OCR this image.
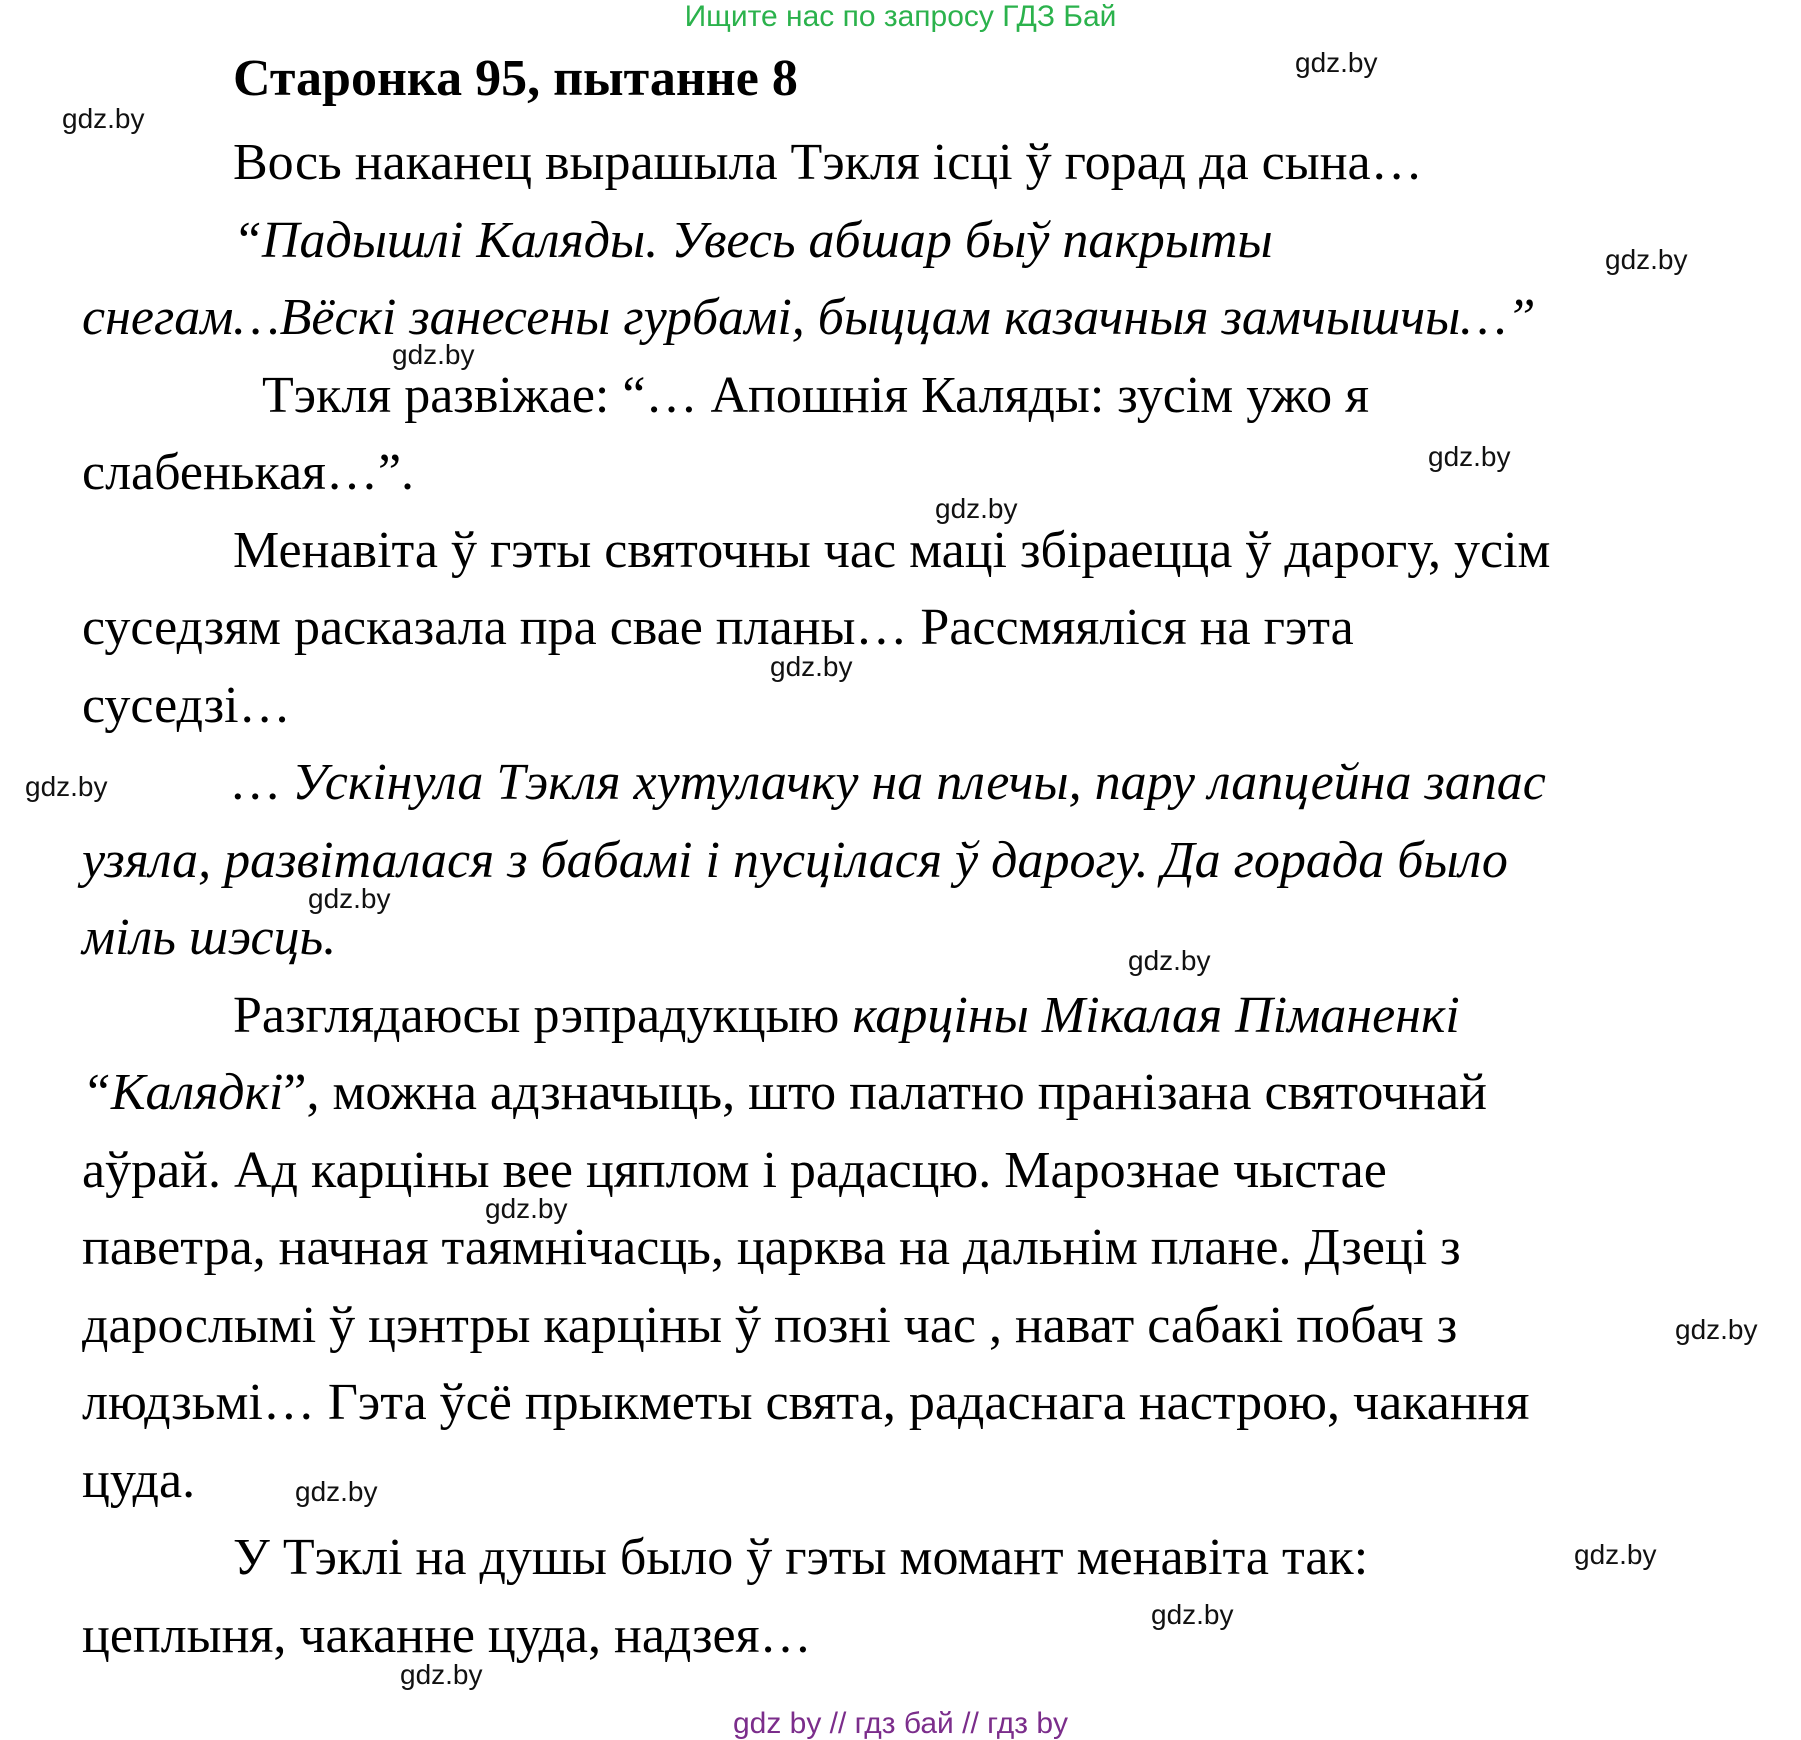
Ищите нас по запросу ГДЗ Бай
Старонка 95, пытанне 8

Вось наканец вырашыла Тэкля ісці ў горад да сына…

“Падышлі Каляды. Увесь абшар быў пакрыты

снегам…Вёскі занесены гурбамі, быццам казачныя замчышчы…”

Тэкля развіжае: “… Апошнія Каляды: зусім ужо я

слабенькая…”.

Менавіта ў гэты святочны час маці збіраецца ў дарогу, усім

суседзям расказала пра свае планы… Рассмяяліся на гэта

суседзі…

… Ускінула Тэкля хутулачку на плечы, пару лапцейна запас

узяла, развіталася з бабамі і пусцілася ў дарогу. Да горада было

міль шэсць.

Разглядаюсы рэпрадукцыю карціны Мікалая Піманенкі

“Калядкі”, можна адзначыць, што палатно пранізана святочнай

аўрай. Ад карціны вее цяплом і радасцю. Марознае чыстае

паветра, начная таямнічасць, царква на дальнім плане. Дзеці з

дарослымі ў цэнтры карціны ў позні час , нават сабакі побач з

людзьмі… Гэта ўсё прыкметы свята, радаснага настрою, чакання

цуда.

У Тэклі на душы было ў гэты момант менавіта так:

цеплыня, чаканне цуда, надзея…

gdz.by
gdz.by
gdz.by
gdz.by
gdz.by
gdz.by
gdz.by
gdz.by
gdz.by
gdz.by
gdz.by
gdz.by
gdz.by
gdz.by
gdz.by
gdz.by
gdz by // гдз бай // гдз by
